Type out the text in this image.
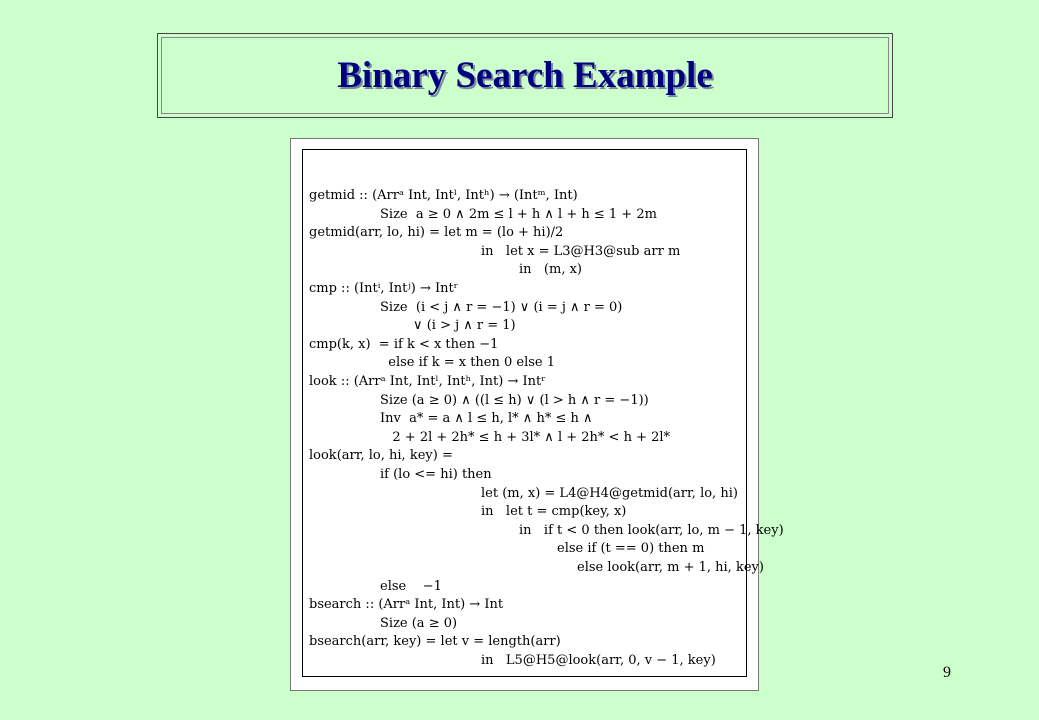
Binary Search Example
getmid :: (Arrᵃ Int, Intˡ, Intʰ) → (Intᵐ, Int)
Size  a ≥ 0 ∧ 2m ≤ l + h ∧ l + h ≤ 1 + 2m
getmid(arr, lo, hi) = let m = (lo + hi)/2
in   let x = L3@H3@sub arr m
in   (m, x)
cmp :: (Intⁱ, Intʲ) → Intʳ
Size  (i < j ∧ r = −1) ∨ (i = j ∧ r = 0)
∨ (i > j ∧ r = 1)
cmp(k, x)  = if k < x then −1
else if k = x then 0 else 1
look :: (Arrᵃ Int, Intˡ, Intʰ, Int) → Intʳ
Size (a ≥ 0) ∧ ((l ≤ h) ∨ (l > h ∧ r = −1))
Inv  a* = a ∧ l ≤ h, l* ∧ h* ≤ h ∧
2 + 2l + 2h* ≤ h + 3l* ∧ l + 2h* < h + 2l*
look(arr, lo, hi, key) =
if (lo <= hi) then
let (m, x) = L4@H4@getmid(arr, lo, hi)
in   let t = cmp(key, x)
in   if t < 0 then look(arr, lo, m − 1, key)
else if (t == 0) then m
else look(arr, m + 1, hi, key)
else    −1
bsearch :: (Arrᵃ Int, Int) → Int
Size (a ≥ 0)
bsearch(arr, key) = let v = length(arr)
in   L5@H5@look(arr, 0, v − 1, key)
9
